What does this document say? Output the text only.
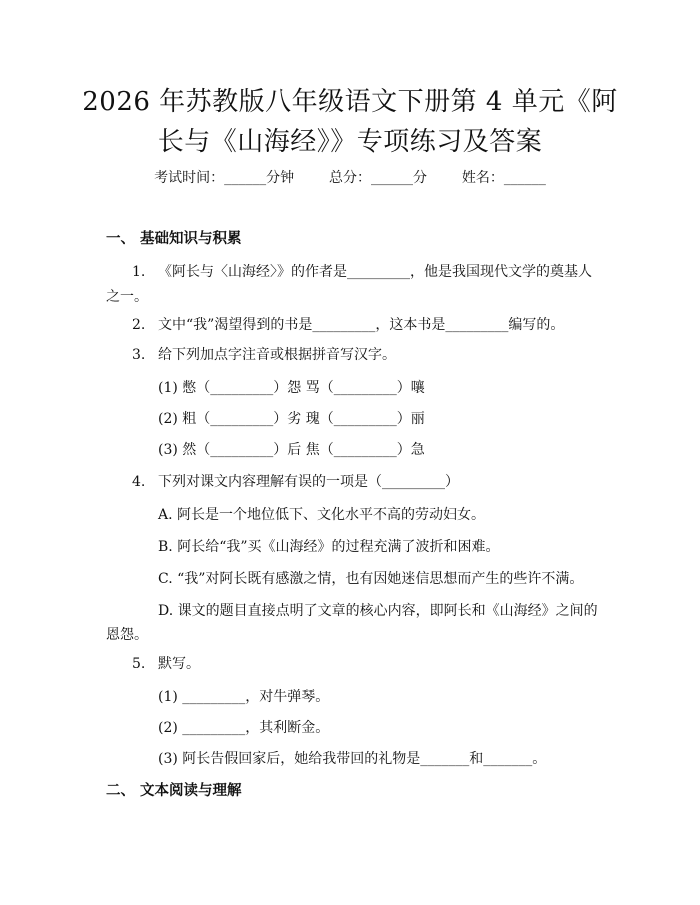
2026 年苏教版八年级语文下册第 4 单元《阿
长与《山海经》》专项练习及答案
考试时间：______分钟 总分：______分 姓名：______
一、 基础知识与积累
1. 《阿长与〈山海经〉》的作者是_________，他是我国现代文学的奠基人
之一。
2. 文中“我”渴望得到的书是_________，这本书是_________编写的。
3. 给下列加点字注音或根据拼音写汉字。
(1) 憋（_________）怨 骂（_________）嚷
(2) 粗（_________）劣 瑰（_________）丽
(3) 然（_________）后 焦（_________）急
4. 下列对课文内容理解有误的一项是（_________）
A. 阿长是一个地位低下、文化水平不高的劳动妇女。
B. 阿长给“我”买《山海经》的过程充满了波折和困难。
C. “我”对阿长既有感激之情，也有因她迷信思想而产生的些许不满。
D. 课文的题目直接点明了文章的核心内容，即阿长和《山海经》之间的
恩怨。
5. 默写。
(1) _________，对牛弹琴。
(2) _________，其利断金。
(3) 阿长告假回家后，她给我带回的礼物是_______和_______。
二、 文本阅读与理解
